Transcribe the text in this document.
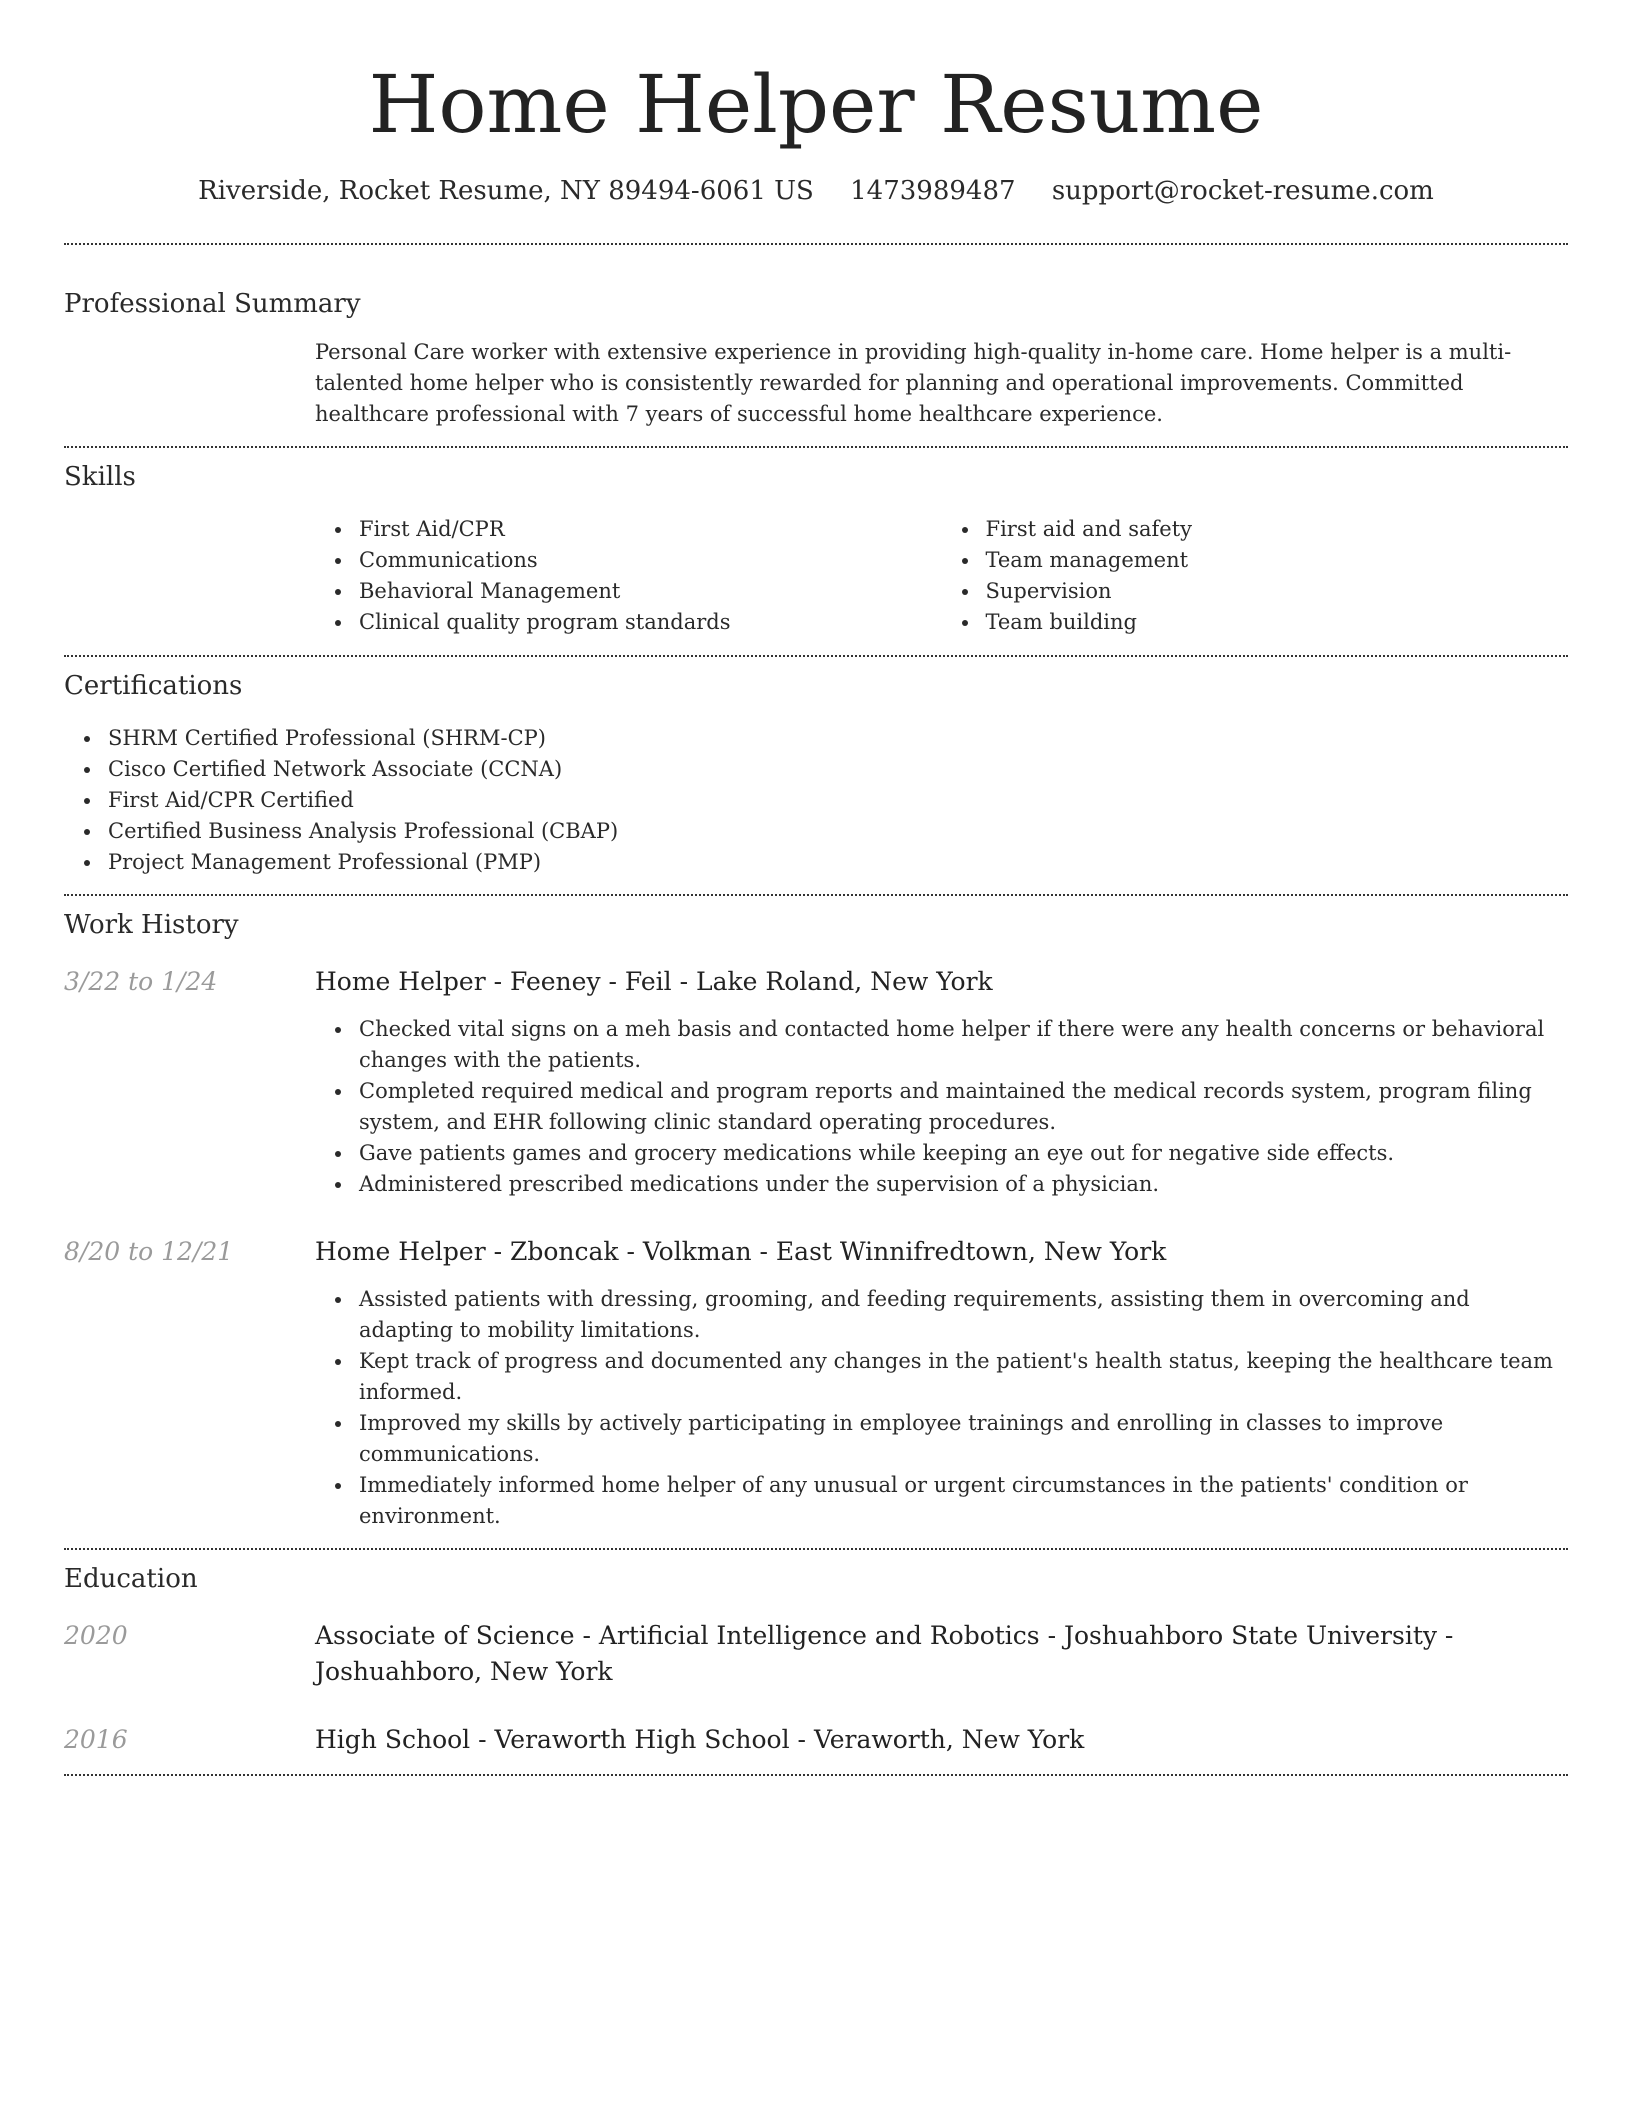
Home Helper Resume
Riverside, Rocket Resume, NY 89494-6061 US 1473989487 support@rocket-resume.com
Professional Summary

Personal Care worker with extensive experience in providing high-quality in-home care. Home helper is a multi-talented home helper who is consistently rewarded for planning and operational improvements. Committed healthcare professional with 7 years of successful home healthcare experience.

Skills
First Aid/CPR
Communications
Behavioral Management
Clinical quality program standards
First aid and safety
Team management
Supervision
Team building
Certifications
SHRM Certified Professional (SHRM-CP)
Cisco Certified Network Associate (CCNA)
First Aid/CPR Certified
Certified Business Analysis Professional (CBAP)
Project Management Professional (PMP)
Work History
3/22 to 1/24	Home Helper - Feeney - Feil - Lake Roland, New York
Checked vital signs on a meh basis and contacted home helper if there were any health concerns or behavioral changes with the patients.
Completed required medical and program reports and maintained the medical records system, program filing system, and EHR following clinic standard operating procedures.
Gave patients games and grocery medications while keeping an eye out for negative side effects.
Administered prescribed medications under the supervision of a physician.
8/20 to 12/21	Home Helper - Zboncak - Volkman - East Winnifredtown, New York
Assisted patients with dressing, grooming, and feeding requirements, assisting them in overcoming and adapting to mobility limitations.
Kept track of progress and documented any changes in the patient's health status, keeping the healthcare team informed.
Improved my skills by actively participating in employee trainings and enrolling in classes to improve communications.
Immediately informed home helper of any unusual or urgent circumstances in the patients' condition or environment.
Education
2020	Associate of Science - Artificial Intelligence and Robotics - Joshuahboro State University - Joshuahboro, New York
2016	High School - Veraworth High School - Veraworth, New York
